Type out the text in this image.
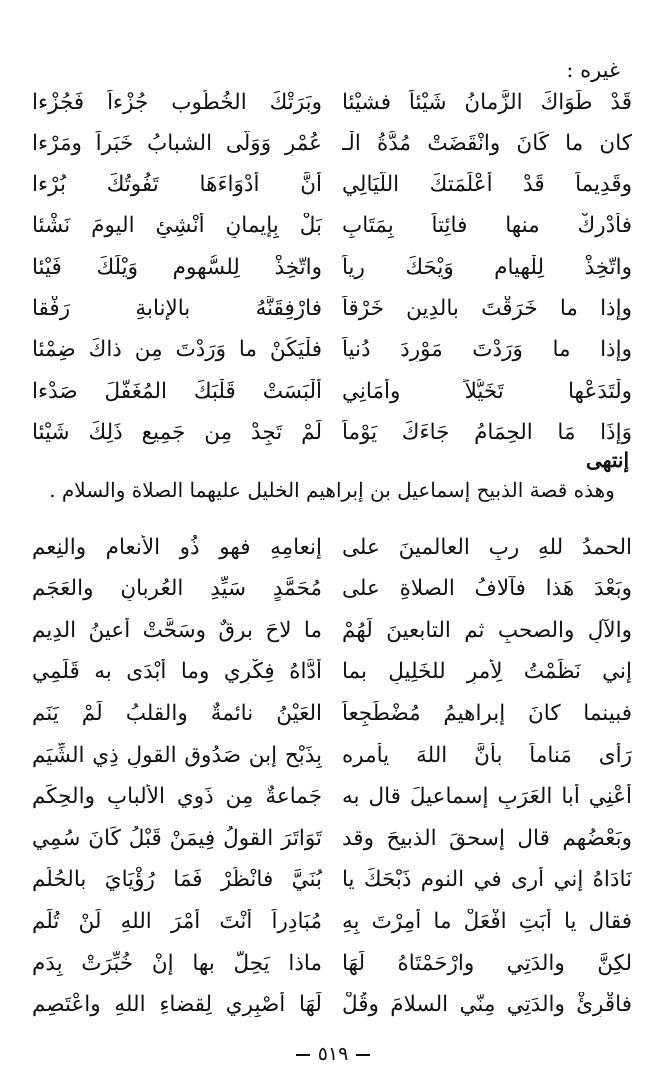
غيره :
قَدْ طَوَاكَ الزَّمانُ شَيْئاً فشيْئا
وبَرَتْكَ الخُطُوب جُزْءاً فَجُزْءا
كان ما كَانَ وانْقَضَتْ مُدَّةُ الْـ
عُمْرِ وَوَلَّى الشبابُ خَبَراً ومَرْءا
وقَدِيماً قَدْ أَعْلَمَتكَ اللَّيَالِي
أَنَّ أدْوَاءَهَا تَفُوتُكَ بُرْءا
فأَدْرِكْ منها فائِتاً بِمَتَابٍ
بَلْ بِإِيمانٍ أَنْشِئِ اليومَ نَشْئا
واتّخِذْ لِلْهيامِ وَيْحَكَ رِياً
واتّخِذْ لِلسُّهومِ وَيْلَكَ فَيْئا
وإِذا ما خَرَقْتَ بالدِين خَرْقاً
فارْفِقَنَّهُ بالإِنابةِ رَفْقا
وإذا ما وَرَدْتَ مَوْرِدَ دُنياً
فلْيَكُنْ ما وَرَدْتَ مِن ذاكَ ضِمْئا
ولْتَدَعْها تَخَيُّلاً وأمَانِي
أَلْبَسَتْ قَلْبَكَ المُغَفَّلَ صَدْءا
وَإِذَا مَا الحِمَامُ جَاءَكَ يَوْماً
لَمْ تَجِدْ مِن جَمِيعِ ذَلِكَ شَيْئا
إنتهى
وهذه قصة الذبيح إسماعيل بن إبراهيم الخليل عليهما الصلاة والسلام .
الحمدُ للهِ ربِ العالمينَ على
إنعامِهِ فهو ذُو الأنعامِ والنِعمِ
وبَعْدَ هَذا فآلافُ الصلاةِ على
مُحَمَّدٍ سَيِّدِ العُربانِ والعَجَمِ
والآلِ والصحبِ ثم التابعينَ لَهُمْ
ما لاحَ برقٌ وسَحَّتْ أعينُ الدِيمِ
إني نَظَمْتُ لِأَمرٍ للخَلِيلِ بما
أدَّاهُ فِكْرِي وما أَبْدَى به قَلَمِي
فبينما كانَ إبراهيمُ مُضْطَجِعاً
العَيْنُ نائمةٌ والقلبُ لَمْ يَنَمِ
رَأى مَناماً بأنَّ اللهَ يأمره
بِذَبْحِ إبنٍ صَدُوقِ القولِ ذِي الشِّيَمِ
أَعْنِي أبا العَرَبِ إسماعيلَ قال به
جَماعةٌ مِن ذَوِي الألبابِ والحِكَمِ
وبَعْضُهم قال إسحقَ الذبيحَ وقد
تَوَاتَرَ القولُ فِيمَنْ قَبْلُ كَانَ سُمِي
نَادَاهُ إني أرى في النومِ ذَبْحَكَ يا
بُنَيَّ فانْظُرْ فَمَا رُؤْيَايَ بالحُلُمِ
فقال يا أبَتِ افْعَلْ ما أُمِرْتَ بِهِ
مُبَادِراً أنْتَ أمْرَ اللهِ لَنْ تُلَمِ
لكِنَّ والدَتِي وارْحَمْتَاهُ لَهَا
ماذا يَحِلُّ بها إنْ خُبِّرَتْ بِدَمِ
فاقْرِئْ والدَتِي مِنّي السلامَ وقُلْ
لَهَا أصْبِرِي لِقضاءِ اللهِ واعْتَصِمِ
٥١٩
